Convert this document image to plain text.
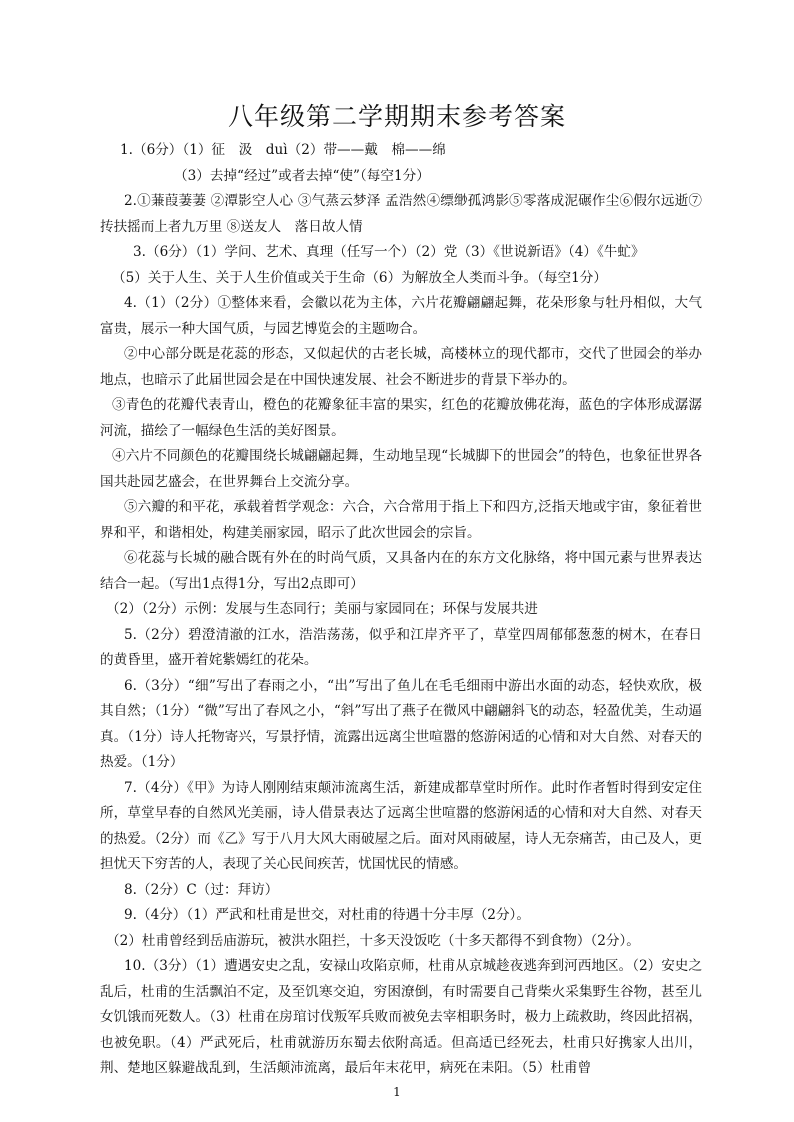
八年级第二学期期末参考答案

1.（6分）（1）征　汲　duì（2）带——戴　棉——绵

（3）去掉“经过”或者去掉“使”（每空1分）

2.①蒹葭萋萋 ②潭影空人心 ③气蒸云梦泽 孟浩然④缥缈孤鸿影⑤零落成泥碾作尘⑥假尔远逝⑦抟扶摇而上者九万里 ⑧送友人　落日故人情

3.（6分）（1）学问、艺术、真理（任写一个）（2）党（3）《世说新语》（4）《牛虻》

（5）关于人生、关于人生价值或关于生命（6）为解放全人类而斗争。（每空1分）

4.（1）（2分）①整体来看，会徽以花为主体，六片花瓣翩翩起舞，花朵形象与牡丹相似，大气富贵，展示一种大国气质，与园艺博览会的主题吻合。

②中心部分既是花蕊的形态，又似起伏的古老长城，高楼林立的现代都市，交代了世园会的举办地点，也暗示了此届世园会是在中国快速发展、社会不断进步的背景下举办的。

③青色的花瓣代表青山，橙色的花瓣象征丰富的果实，红色的花瓣放佛花海，蓝色的字体形成潺潺河流，描绘了一幅绿色生活的美好图景。

④六片不同颜色的花瓣围绕长城翩翩起舞，生动地呈现“长城脚下的世园会”的特色，也象征世界各国共赴园艺盛会，在世界舞台上交流分享。

⑤六瓣的和平花，承载着哲学观念：六合，六合常用于指上下和四方,泛指天地或宇宙，象征着世界和平，和谐相处，构建美丽家园，昭示了此次世园会的宗旨。

⑥花蕊与长城的融合既有外在的时尚气质，又具备内在的东方文化脉络，将中国元素与世界表达结合一起。（写出1点得1分，写出2点即可）

（2）（2分）示例：发展与生态同行；美丽与家园同在；环保与发展共进

5.（2分）碧澄清澈的江水，浩浩荡荡，似乎和江岸齐平了，草堂四周郁郁葱葱的树木，在春日的黄昏里，盛开着姹紫嫣红的花朵。

6.（3分）“细”写出了春雨之小，“出”写出了鱼儿在毛毛细雨中游出水面的动态，轻快欢欣，极其自然；（1分）“微”写出了春风之小，“斜”写出了燕子在微风中翩翩斜飞的动态，轻盈优美，生动逼真。（1分）诗人托物寄兴，写景抒情，流露出远离尘世喧嚣的悠游闲适的心情和对大自然、对春天的热爱。（1分）

7.（4分）《甲》为诗人刚刚结束颠沛流离生活，新建成都草堂时所作。此时作者暂时得到安定住所，草堂早春的自然风光美丽，诗人借景表达了远离尘世喧嚣的悠游闲适的心情和对大自然、对春天的热爱。（2分）而《乙》写于八月大风大雨破屋之后。面对风雨破屋，诗人无奈痛苦，由己及人，更担忧天下穷苦的人，表现了关心民间疾苦，忧国忧民的情感。

8.（2分）C（过：拜访）

9.（4分）（1）严武和杜甫是世交，对杜甫的待遇十分丰厚（2分）。

（2）杜甫曾经到岳庙游玩，被洪水阻拦，十多天没饭吃（十多天都得不到食物）（2分）。

10.（3分）（1）遭遇安史之乱，安禄山攻陷京师，杜甫从京城趁夜逃奔到河西地区。（2）安史之乱后，杜甫的生活飘泊不定，及至饥寒交迫，穷困潦倒，有时需要自己背柴火采集野生谷物，甚至儿女饥饿而死数人。（3）杜甫在房琯讨伐叛军兵败而被免去宰相职务时，极力上疏救助，终因此招祸，也被免职。（4）严武死后，杜甫就游历东蜀去依附高适。但高适已经死去，杜甫只好携家人出川，荆、楚地区躲避战乱到，生活颠沛流离，最后年末花甲，病死在耒阳。（5）杜甫曾

1
